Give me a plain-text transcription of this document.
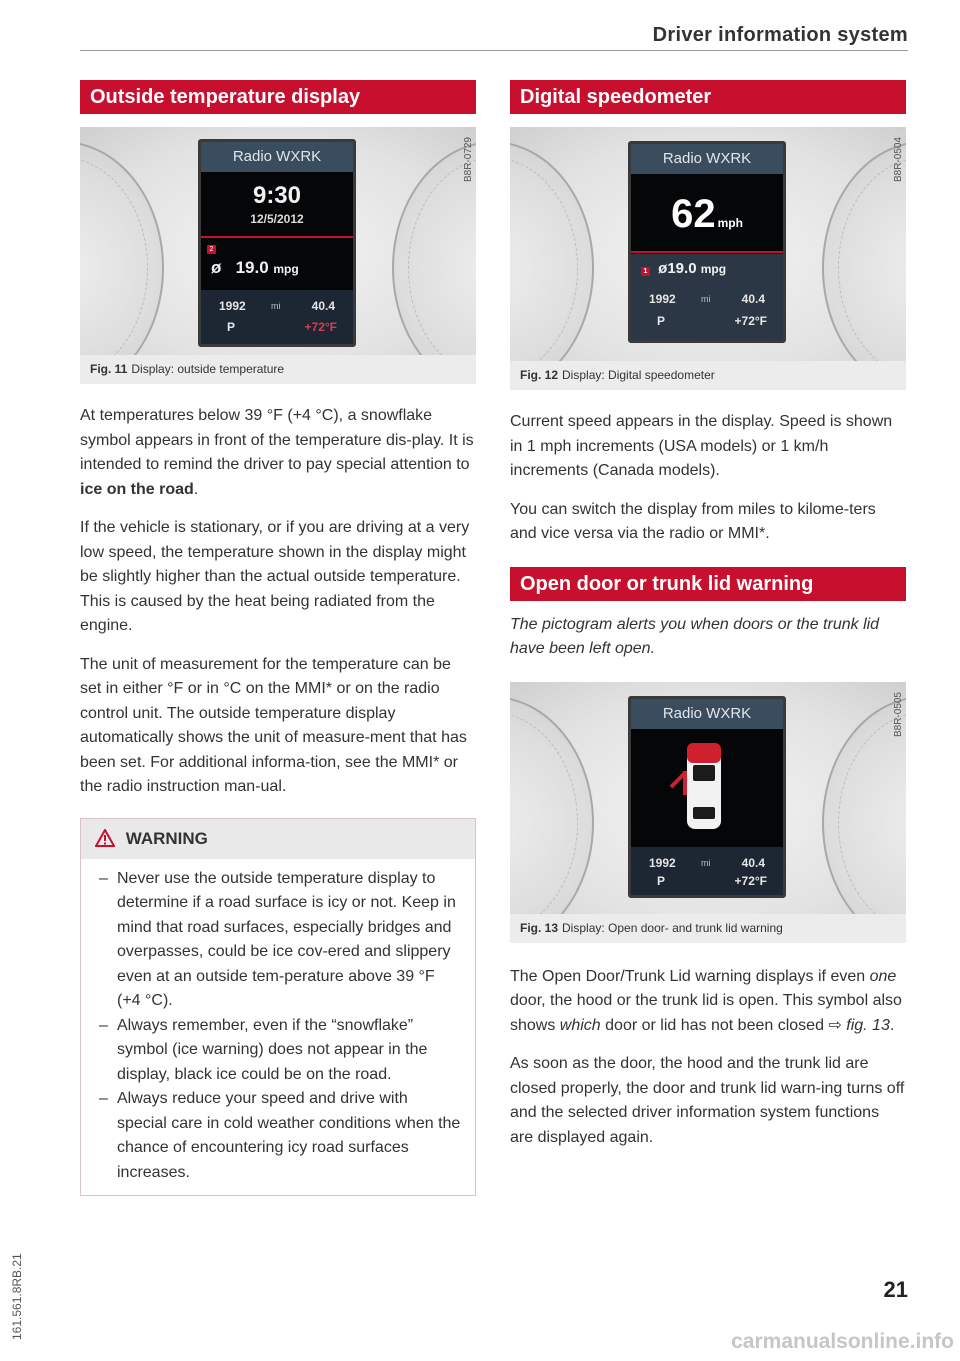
Driver information system
Outside temperature display
B8R-0729
Radio WXRK
9:30
12/5/2012
2
ø 19.0 mpg
1992	mi	40.4
P	+72°F
Fig. 11 Display: outside temperature

At temperatures below 39 °F (+4 °C), a snowflake symbol appears in front of the temperature dis-play. It is intended to remind the driver to pay special attention to ice on the road.

If the vehicle is stationary, or if you are driving at a very low speed, the temperature shown in the display might be slightly higher than the actual outside temperature. This is caused by the heat being radiated from the engine.

The unit of measurement for the temperature can be set in either °F or in °C on the MMI* or on the radio control unit. The outside temperature display automatically shows the unit of measure-ment that has been set. For additional informa-tion, see the MMI* or the radio instruction man-ual.

WARNING
– Never use the outside temperature display to determine if a road surface is icy or not. Keep in mind that road surfaces, especially bridges and overpasses, could be ice cov-ered and slippery even at an outside tem-perature above 39 °F (+4 °C).
– Always remember, even if the “snowflake” symbol (ice warning) does not appear in the display, black ice could be on the road.
– Always reduce your speed and drive with special care in cold weather conditions when the chance of encountering icy road surfaces increases.
Digital speedometer
B8R-0504
Radio WXRK
62 mph
1 ø19.0 mpg
1992	mi	40.4
P	+72°F
Fig. 12 Display: Digital speedometer

Current speed appears in the display. Speed is shown in 1 mph increments (USA models) or 1 km/h increments (Canada models).

You can switch the display from miles to kilome-ters and vice versa via the radio or MMI*.

Open door or trunk lid warning

The pictogram alerts you when doors or the trunk lid have been left open.

B8R-0505
Radio WXRK
1992	mi	40.4
P	+72°F
Fig. 13 Display: Open door- and trunk lid warning

The Open Door/Trunk Lid warning displays if even one door, the hood or the trunk lid is open. This symbol also shows which door or lid has not been closed ⇨ fig. 13.

As soon as the door, the hood and the trunk lid are closed properly, the door and trunk lid warn-ing turns off and the selected driver information system functions are displayed again.

161.561.8RB.21	21
carmanualsonline.info
